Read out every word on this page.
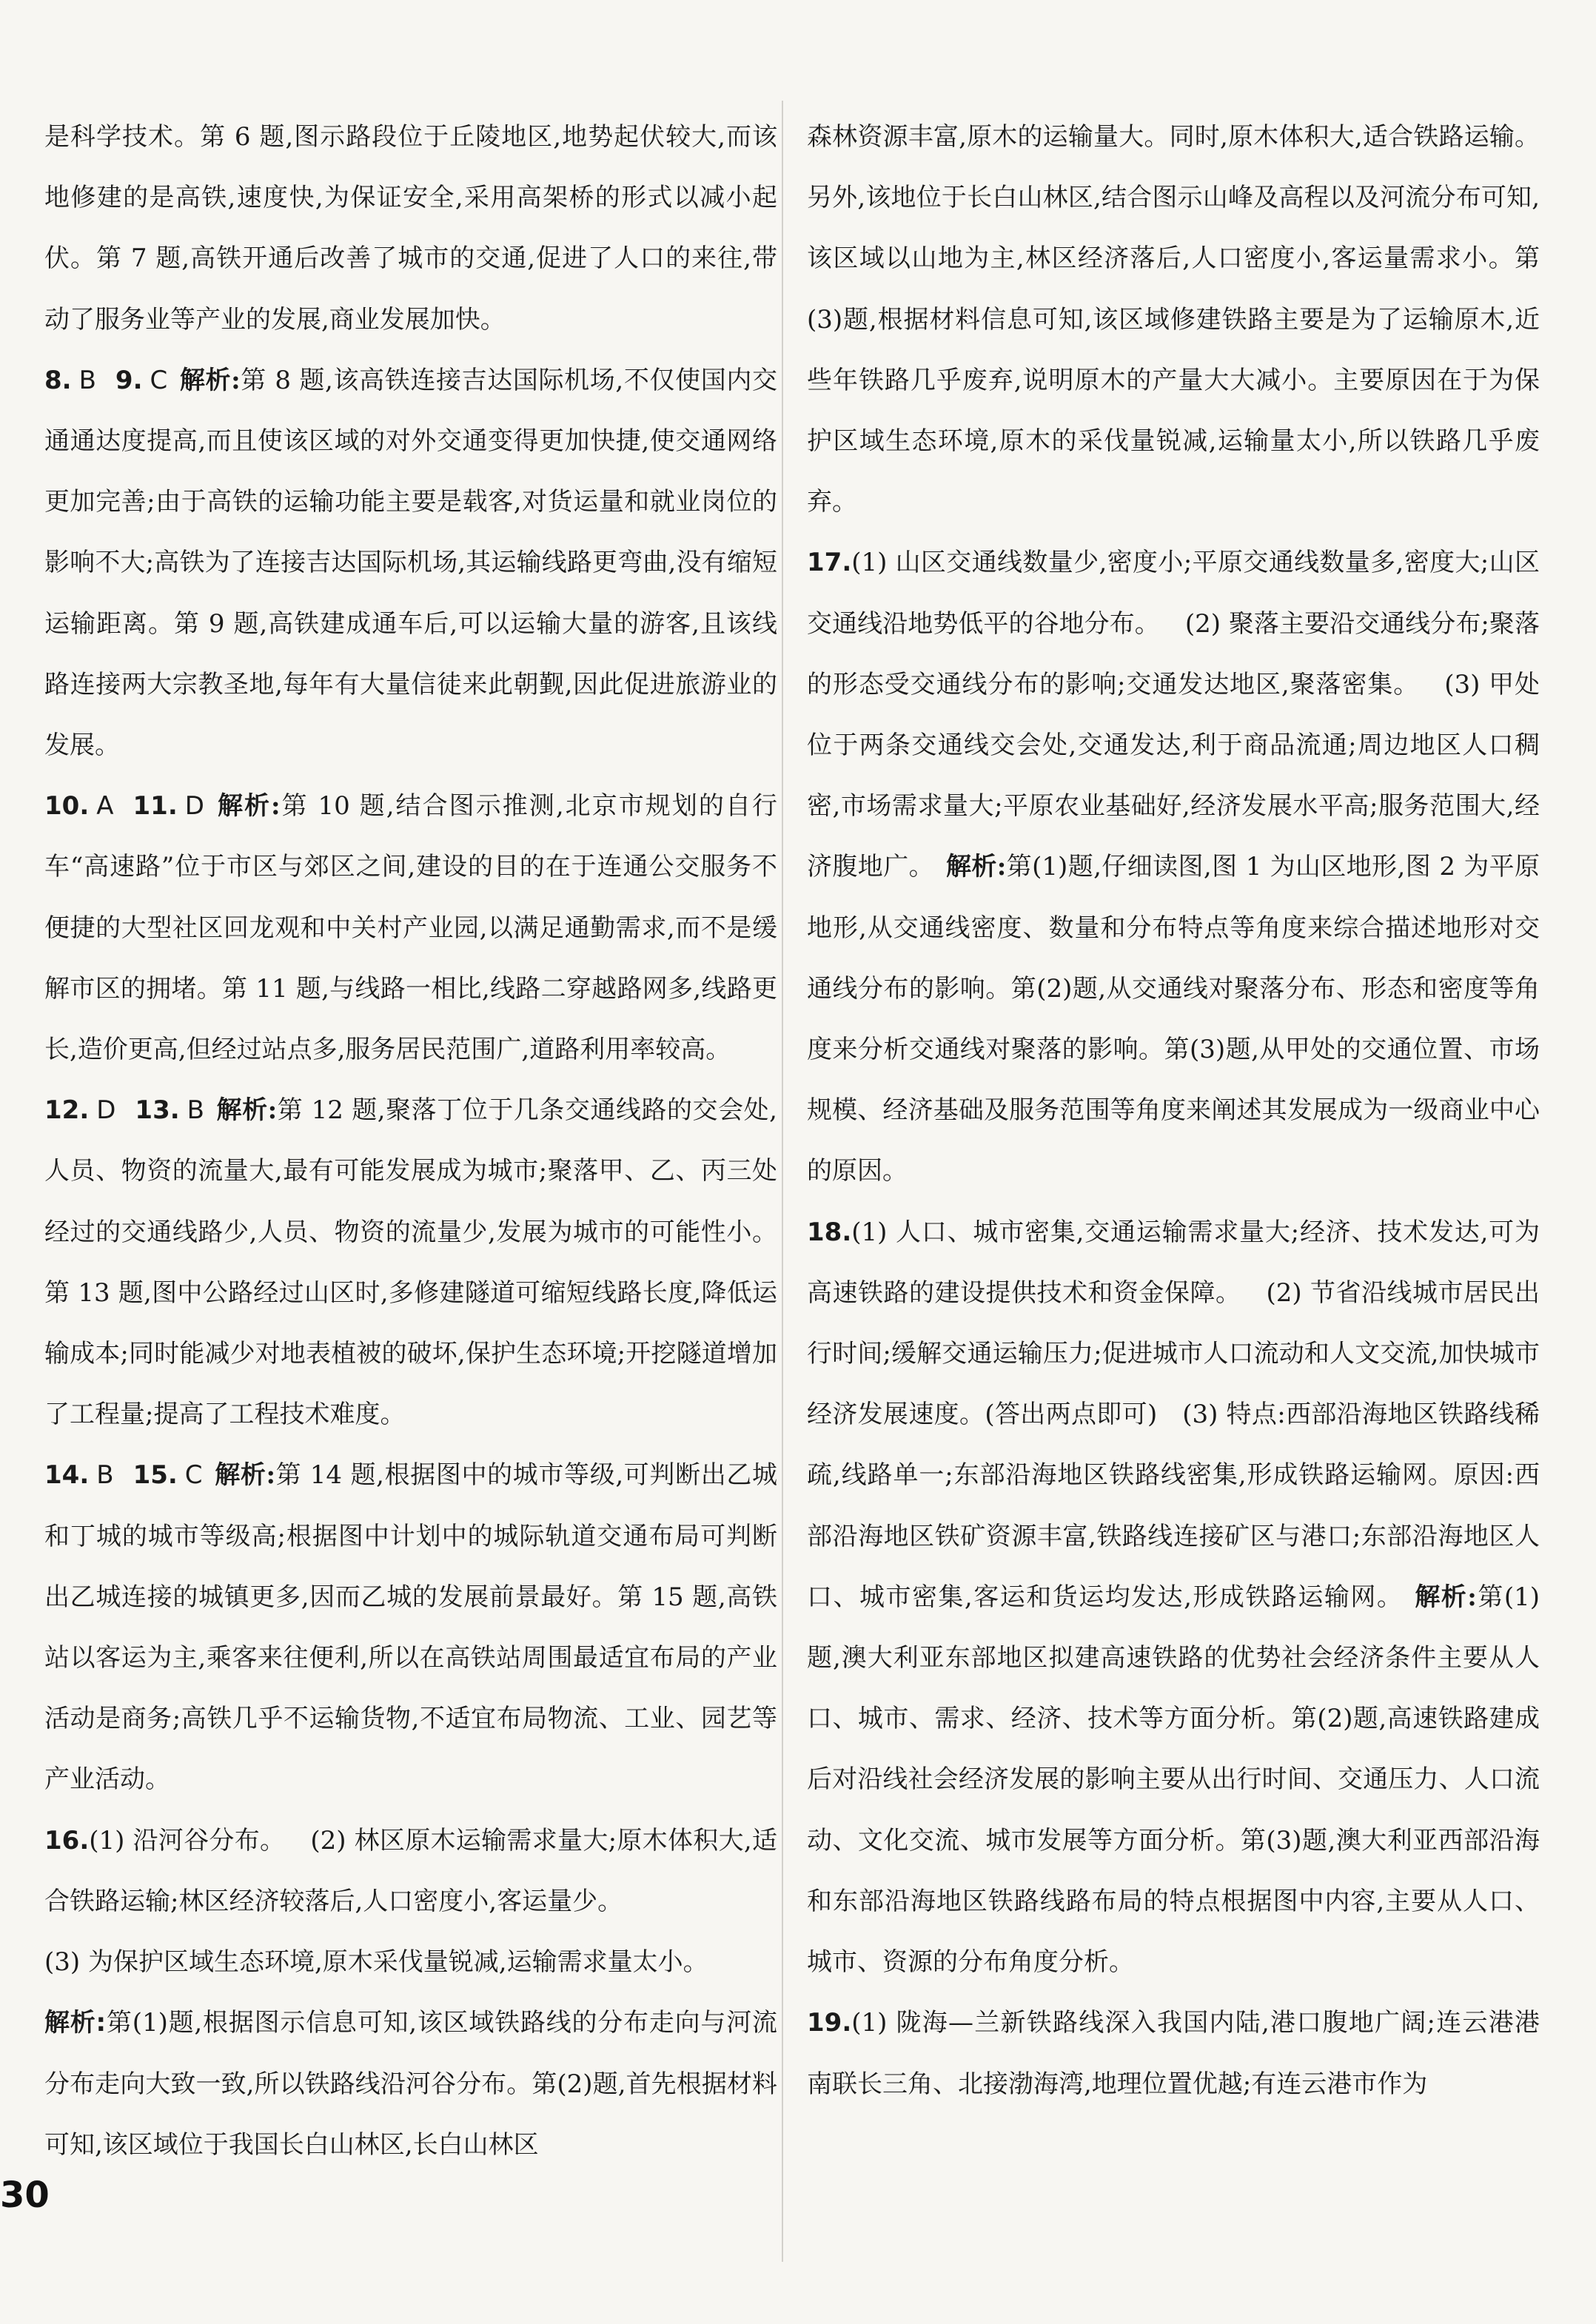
是科学技术。第 6 题,图示路段位于丘陵地区,地势起伏较大,而该地修建的是高铁,速度快,为保证安全,采用高架桥的形式以减小起伏。第 7 题,高铁开通后改善了城市的交通,促进了人口的来往,带动了服务业等产业的发展,商业发展加快。

8. B 9. C 解析:第 8 题,该高铁连接吉达国际机场,不仅使国内交通通达度提高,而且使该区域的对外交通变得更加快捷,使交通网络更加完善;由于高铁的运输功能主要是载客,对货运量和就业岗位的影响不大;高铁为了连接吉达国际机场,其运输线路更弯曲,没有缩短运输距离。第 9 题,高铁建成通车后,可以运输大量的游客,且该线路连接两大宗教圣地,每年有大量信徒来此朝觐,因此促进旅游业的发展。

10. A 11. D 解析:第 10 题,结合图示推测,北京市规划的自行车“高速路”位于市区与郊区之间,建设的目的在于连通公交服务不便捷的大型社区回龙观和中关村产业园,以满足通勤需求,而不是缓解市区的拥堵。第 11 题,与线路一相比,线路二穿越路网多,线路更长,造价更高,但经过站点多,服务居民范围广,道路利用率较高。

12. D 13. B 解析:第 12 题,聚落丁位于几条交通线路的交会处,人员、物资的流量大,最有可能发展成为城市;聚落甲、乙、丙三处经过的交通线路少,人员、物资的流量少,发展为城市的可能性小。第 13 题,图中公路经过山区时,多修建隧道可缩短线路长度,降低运输成本;同时能减少对地表植被的破坏,保护生态环境;开挖隧道增加了工程量;提高了工程技术难度。

14. B 15. C 解析:第 14 题,根据图中的城市等级,可判断出乙城和丁城的城市等级高;根据图中计划中的城际轨道交通布局可判断出乙城连接的城镇更多,因而乙城的发展前景最好。第 15 题,高铁站以客运为主,乘客来往便利,所以在高铁站周围最适宜布局的产业活动是商务;高铁几乎不运输货物,不适宜布局物流、工业、园艺等产业活动。

16.(1) 沿河谷分布。 (2) 林区原木运输需求量大;原木体积大,适合铁路运输;林区经济较落后,人口密度小,客运量少。
(3) 为保护区域生态环境,原木采伐量锐减,运输需求量太小。
解析:第(1)题,根据图示信息可知,该区域铁路线的分布走向与河流分布走向大致一致,所以铁路线沿河谷分布。第(2)题,首先根据材料可知,该区域位于我国长白山林区,长白山林区

森林资源丰富,原木的运输量大。同时,原木体积大,适合铁路运输。另外,该地位于长白山林区,结合图示山峰及高程以及河流分布可知,该区域以山地为主,林区经济落后,人口密度小,客运量需求小。第(3)题,根据材料信息可知,该区域修建铁路主要是为了运输原木,近些年铁路几乎废弃,说明原木的产量大大减小。主要原因在于为保护区域生态环境,原木的采伐量锐减,运输量太小,所以铁路几乎废弃。

17.(1) 山区交通线数量少,密度小;平原交通线数量多,密度大;山区交通线沿地势低平的谷地分布。 (2) 聚落主要沿交通线分布;聚落的形态受交通线分布的影响;交通发达地区,聚落密集。 (3) 甲处位于两条交通线交会处,交通发达,利于商品流通;周边地区人口稠密,市场需求量大;平原农业基础好,经济发展水平高;服务范围大,经济腹地广。 解析:第(1)题,仔细读图,图 1 为山区地形,图 2 为平原地形,从交通线密度、数量和分布特点等角度来综合描述地形对交通线分布的影响。第(2)题,从交通线对聚落分布、形态和密度等角度来分析交通线对聚落的影响。第(3)题,从甲处的交通位置、市场规模、经济基础及服务范围等角度来阐述其发展成为一级商业中心的原因。

18.(1) 人口、城市密集,交通运输需求量大;经济、技术发达,可为高速铁路的建设提供技术和资金保障。 (2) 节省沿线城市居民出行时间;缓解交通运输压力;促进城市人口流动和人文交流,加快城市经济发展速度。(答出两点即可) (3) 特点:西部沿海地区铁路线稀疏,线路单一;东部沿海地区铁路线密集,形成铁路运输网。原因:西部沿海地区铁矿资源丰富,铁路线连接矿区与港口;东部沿海地区人口、城市密集,客运和货运均发达,形成铁路运输网。 解析:第(1)题,澳大利亚东部地区拟建高速铁路的优势社会经济条件主要从人口、城市、需求、经济、技术等方面分析。第(2)题,高速铁路建成后对沿线社会经济发展的影响主要从出行时间、交通压力、人口流动、文化交流、城市发展等方面分析。第(3)题,澳大利亚西部沿海和东部沿海地区铁路线路布局的特点根据图中内容,主要从人口、城市、资源的分布角度分析。

19.(1) 陇海—兰新铁路线深入我国内陆,港口腹地广阔;连云港港南联长三角、北接渤海湾,地理位置优越;有连云港市作为

30
